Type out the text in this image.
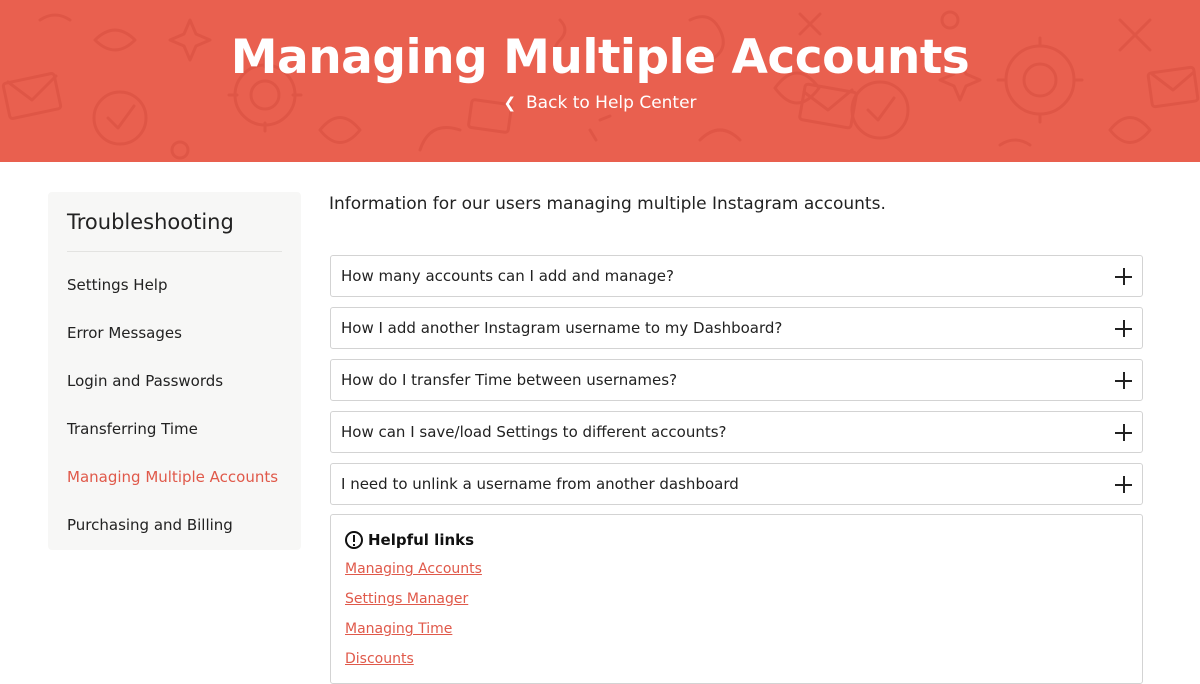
Managing Multiple Accounts
❮ Back to Help Center
Troubleshooting
Settings Help
Error Messages
Login and Passwords
Transferring Time
Managing Multiple Accounts
Purchasing and Billing
Information for our users managing multiple Instagram accounts.
How many accounts can I add and manage?
How I add another Instagram username to my Dashboard?
How do I transfer Time between usernames?
How can I save/load Settings to different accounts?
I need to unlink a username from another dashboard
Helpful links
Managing Accounts
Settings Manager
Managing Time
Discounts
